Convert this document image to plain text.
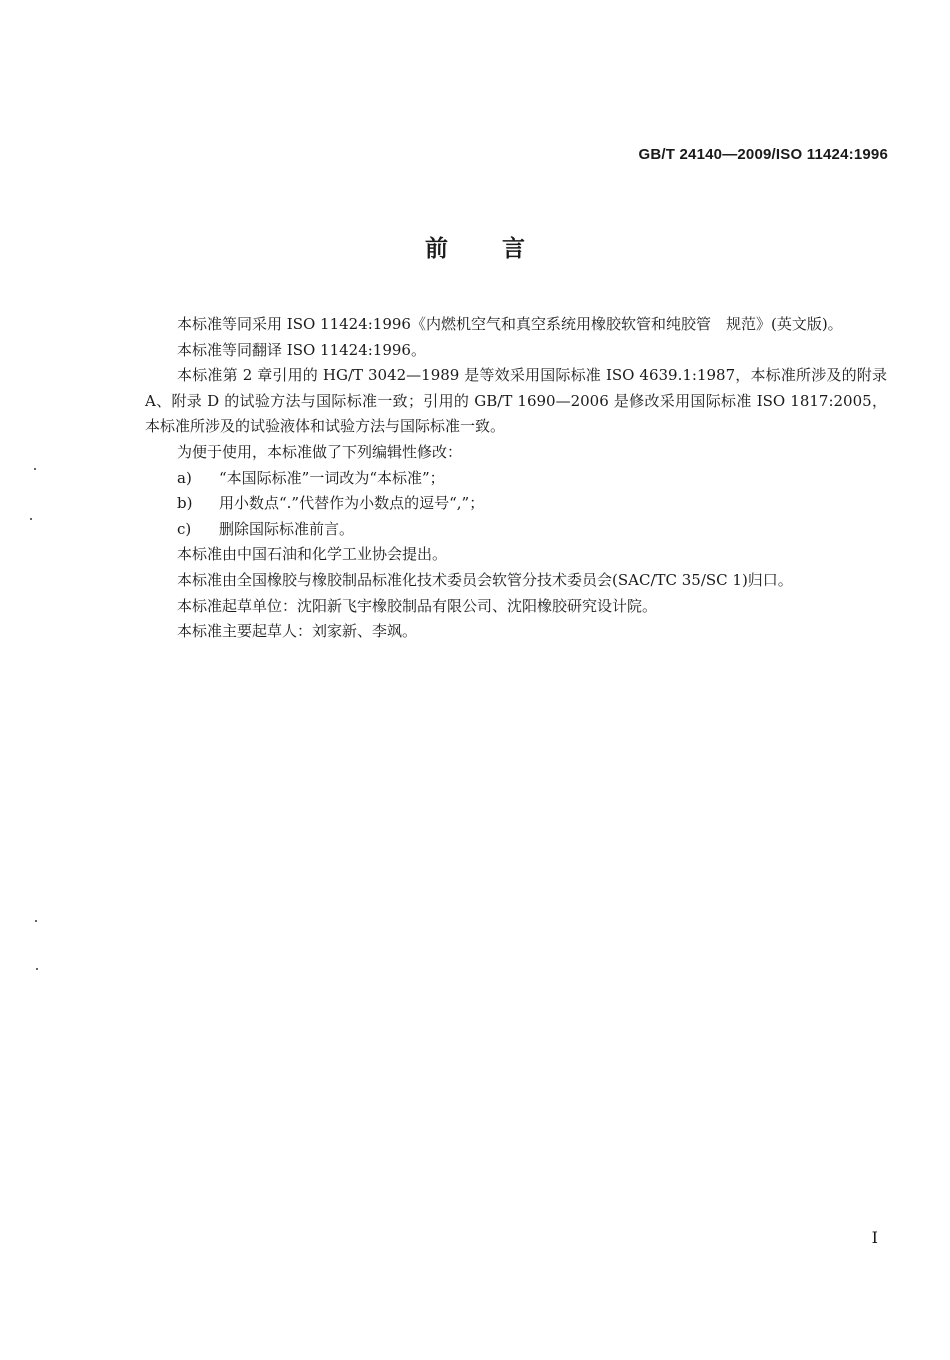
GB/T 24140—2009/ISO 11424:1996
前言

本标准等同采用 ISO 11424:1996《内燃机空气和真空系统用橡胶软管和纯胶管　规范》(英文版)。

本标准等同翻译 ISO 11424:1996。

本标准第 2 章引用的 HG/T 3042—1989 是等效采用国际标准 ISO 4639.1:1987，本标准所涉及的附录 A、附录 D 的试验方法与国际标准一致；引用的 GB/T 1690—2006 是修改采用国际标准 ISO 1817:2005，本标准所涉及的试验液体和试验方法与国际标准一致。

为便于使用，本标准做了下列编辑性修改：

a) “本国际标准”一词改为“本标准”；
b) 用小数点“.”代替作为小数点的逗号“,”；
c) 删除国际标准前言。

本标准由中国石油和化学工业协会提出。

本标准由全国橡胶与橡胶制品标准化技术委员会软管分技术委员会(SAC/TC 35/SC 1)归口。

本标准起草单位：沈阳新飞宇橡胶制品有限公司、沈阳橡胶研究设计院。

本标准主要起草人：刘家新、李飒。

I
